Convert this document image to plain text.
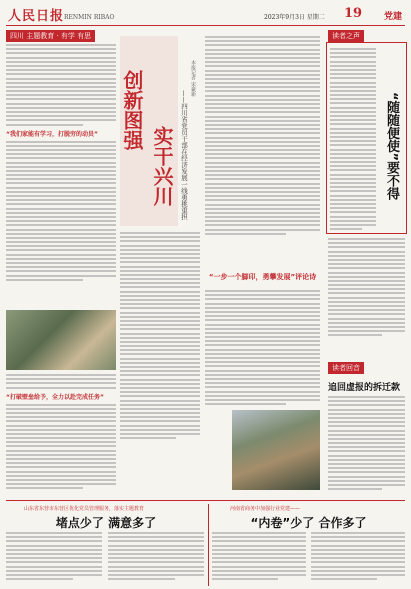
人民日报 RENMIN RIBAO	2023年9月3日 星期二 19 党建
四川 主题教育 · 有学 有思
“我们家能有学习，打脱穷的动员”
“打破壁垒给予，全力以赴完成任务”
创新图强
实干兴川 ——四川省党员干部在经济发展一线勇挑重担
本报记者 宋豪新
“一步一个脚印，勇攀发展”评论诗
读者之声
“随随便使”要不得
读者回音
追回虚报的拆迁款
山东省东营市东营区优化党员管理服务，落实主题教育
堵点少了 满意多了
河南省商务中加强行业党建——
“内卷”少了 合作多了
